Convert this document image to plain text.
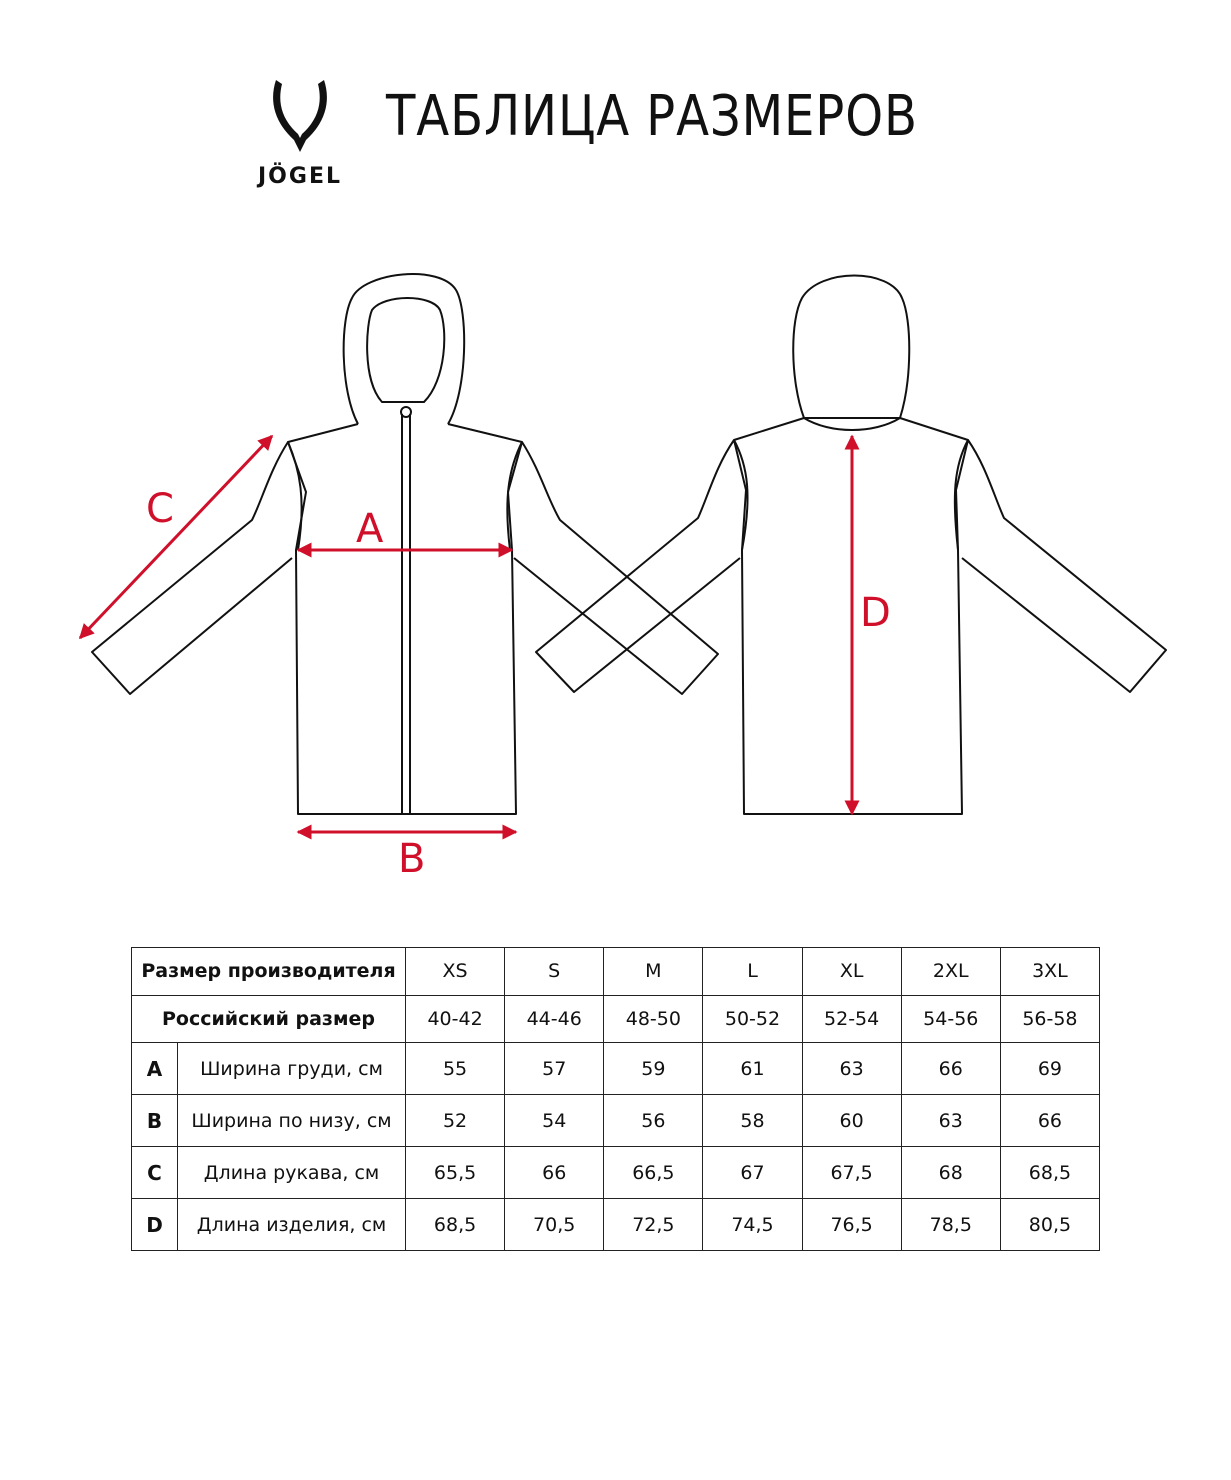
JÖGEL
ТАБЛИЦА РАЗМЕРОВ
A
B
C
D
Размер производителя		XS	S	M	L	XL	2XL	3XL
Российский размер		40-42	44-46	48-50	50-52	52-54	54-56	56-58
A	Ширина груди, см	55	57	59	61	63	66	69
B	Ширина по низу, см	52	54	56	58	60	63	66
C	Длина рукава, см	65,5	66	66,5	67	67,5	68	68,5
D	Длина изделия, см	68,5	70,5	72,5	74,5	76,5	78,5	80,5
